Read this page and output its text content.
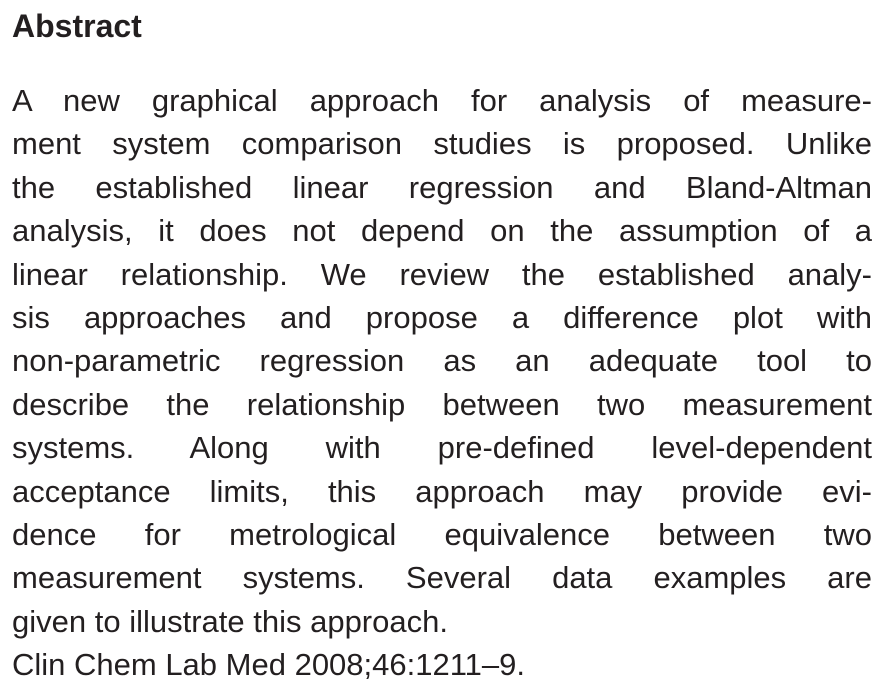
Abstract
A new graphical approach for analysis of measure-
ment system comparison studies is proposed. Unlike
the established linear regression and Bland-Altman
analysis, it does not depend on the assumption of a
linear relationship. We review the established analy-
sis approaches and propose a difference plot with
non-parametric regression as an adequate tool to
describe the relationship between two measurement
systems. Along with pre-defined level-dependent
acceptance limits, this approach may provide evi-
dence for metrological equivalence between two
measurement systems. Several data examples are
given to illustrate this approach.
Clin Chem Lab Med 2008;46:1211–9.
